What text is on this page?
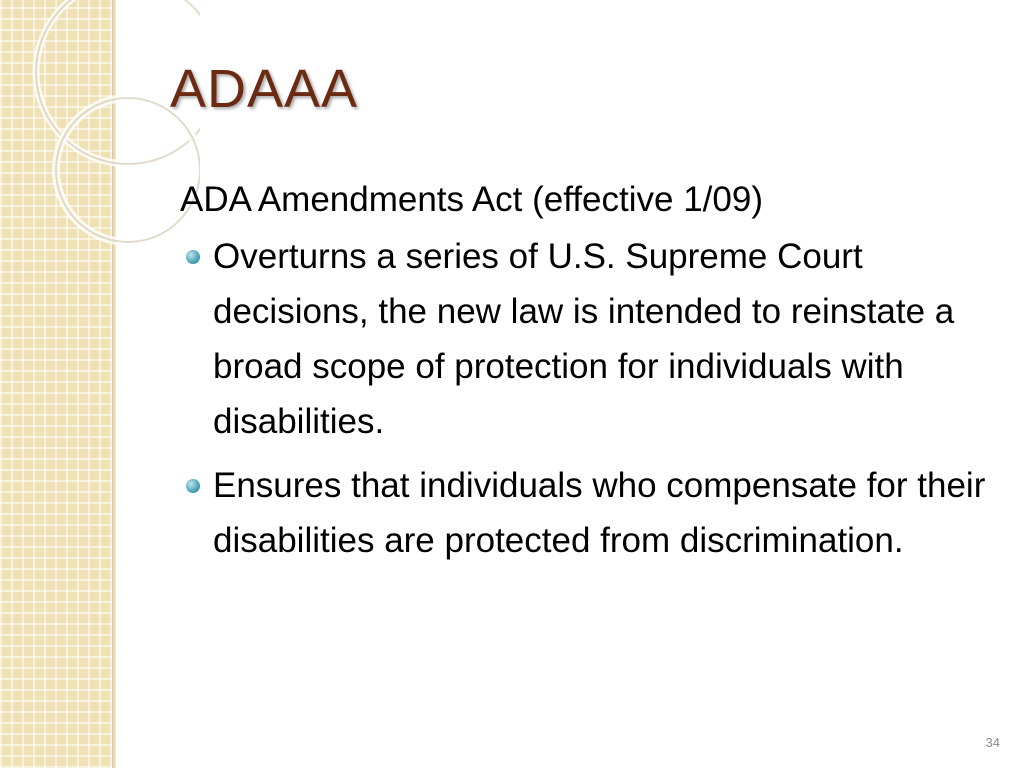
ADAAA

ADA Amendments Act (effective 1/09)

Overturns a series of U.S. Supreme Court decisions, the new law is intended to reinstate a broad scope of protection for individuals with disabilities.
Ensures that individuals who compensate for their disabilities are protected from discrimination.
34
